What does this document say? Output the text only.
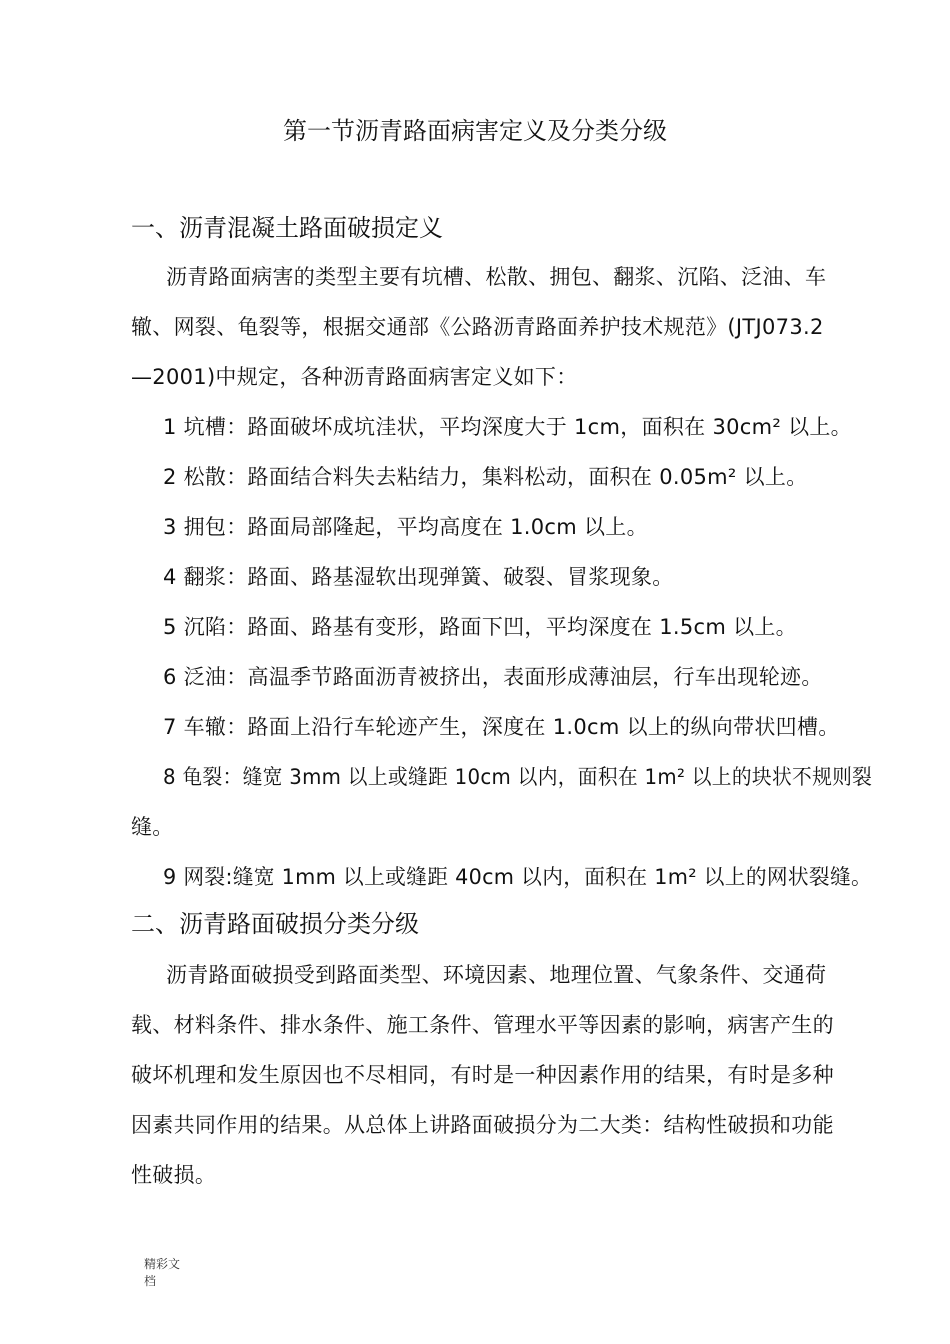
第一节沥青路面病害定义及分类分级
一、沥青混凝土路面破损定义
沥青路面病害的类型主要有坑槽、松散、拥包、翻浆、沉陷、泛油、车
辙、网裂、龟裂等，根据交通部《公路沥青路面养护技术规范》(JTJ073.2
—2001)中规定，各种沥青路面病害定义如下：
1 坑槽：路面破坏成坑洼状，平均深度大于 1cm，面积在 30cm² 以上。
2 松散：路面结合料失去粘结力，集料松动，面积在 0.05m² 以上。
3 拥包：路面局部隆起，平均高度在 1.0cm 以上。
4 翻浆：路面、路基湿软出现弹簧、破裂、冒浆现象。
5 沉陷：路面、路基有变形，路面下凹，平均深度在 1.5cm 以上。
6 泛油：高温季节路面沥青被挤出，表面形成薄油层，行车出现轮迹。
7 车辙：路面上沿行车轮迹产生，深度在 1.0cm 以上的纵向带状凹槽。
8 龟裂：缝宽 3mm 以上或缝距 10cm 以内，面积在 1m² 以上的块状不规则裂
缝。
9 网裂:缝宽 1mm 以上或缝距 40cm 以内，面积在 1m² 以上的网状裂缝。
二、沥青路面破损分类分级
沥青路面破损受到路面类型、环境因素、地理位置、气象条件、交通荷
载、材料条件、排水条件、施工条件、管理水平等因素的影响，病害产生的
破坏机理和发生原因也不尽相同，有时是一种因素作用的结果，有时是多种
因素共同作用的结果。从总体上讲路面破损分为二大类：结构性破损和功能
性破损。
精彩文档
